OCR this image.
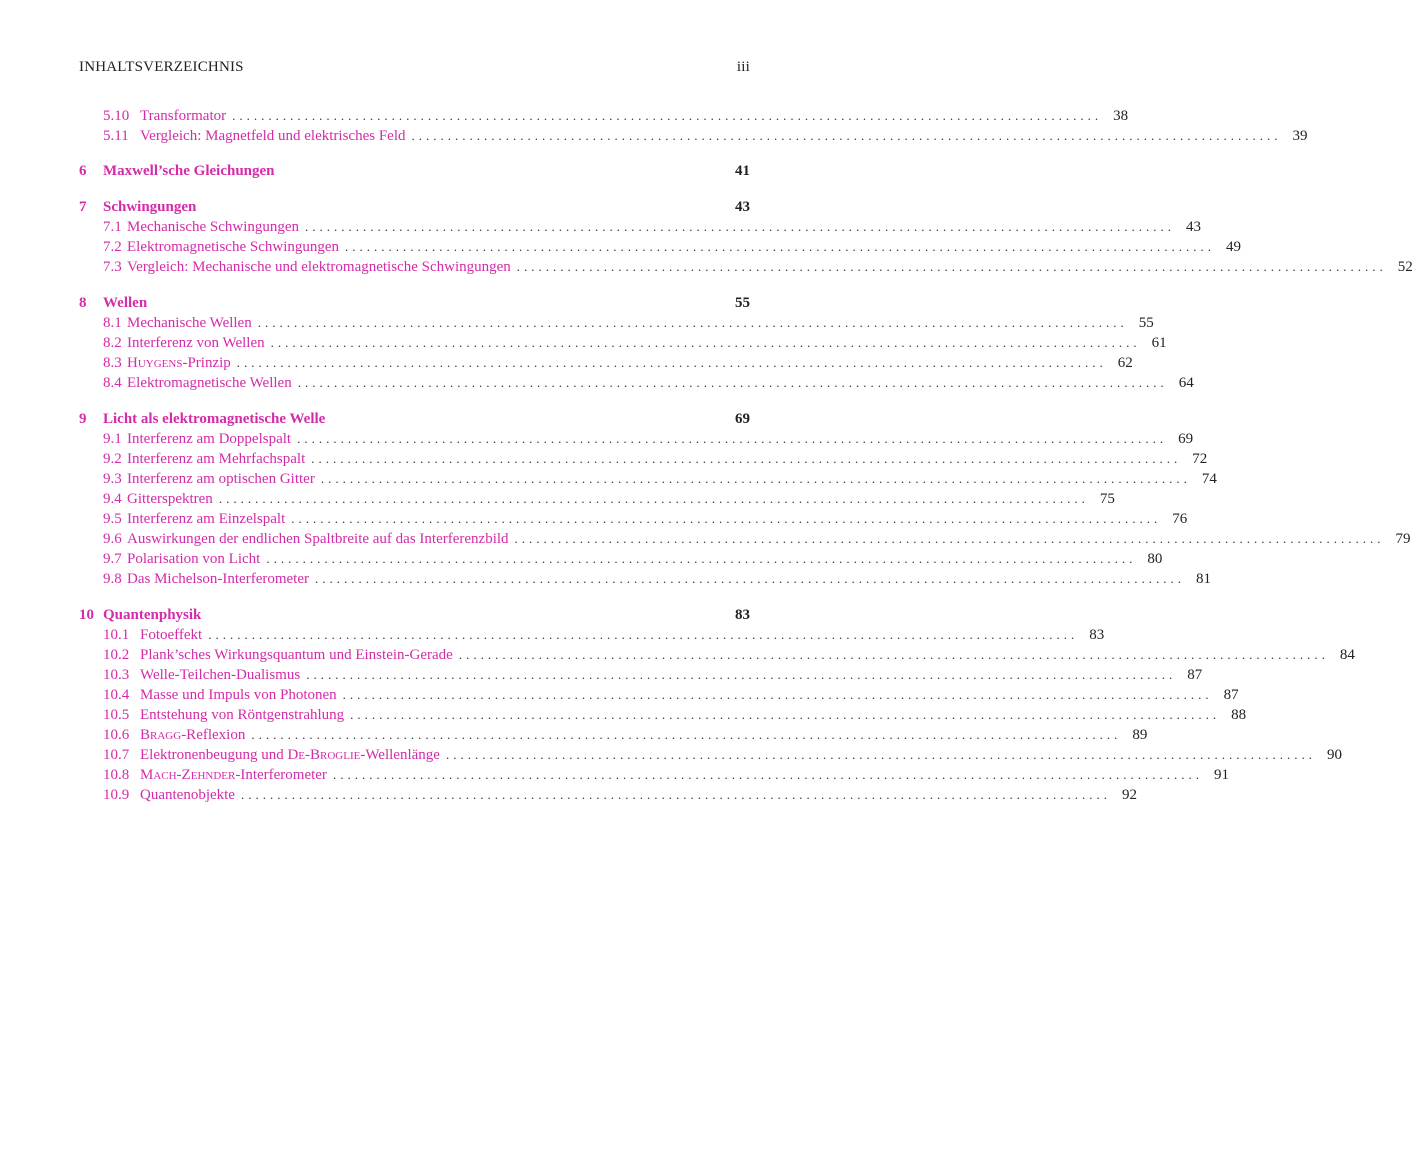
INHALTSVERZEICHNIS	iii
5.10 Transformator ........................................................................................................................ 38
5.11 Vergleich: Magnetfeld und elektrisches Feld ........................................................................................................................ 39
6	Maxwell’sche Gleichungen	41
7	Schwingungen	43
7.1 Mechanische Schwingungen ........................................................................................................................ 43
7.2 Elektromagnetische Schwingungen ........................................................................................................................ 49
7.3 Vergleich: Mechanische und elektromagnetische Schwingungen ........................................................................................................................ 52
8	Wellen	55
8.1 Mechanische Wellen ........................................................................................................................ 55
8.2 Interferenz von Wellen ........................................................................................................................ 61
8.3 Huygens-Prinzip ........................................................................................................................ 62
8.4 Elektromagnetische Wellen ........................................................................................................................ 64
9	Licht als elektromagnetische Welle	69
9.1 Interferenz am Doppelspalt ........................................................................................................................ 69
9.2 Interferenz am Mehrfachspalt ........................................................................................................................ 72
9.3 Interferenz am optischen Gitter ........................................................................................................................ 74
9.4 Gitterspektren ........................................................................................................................ 75
9.5 Interferenz am Einzelspalt ........................................................................................................................ 76
9.6 Auswirkungen der endlichen Spaltbreite auf das Interferenzbild ........................................................................................................................ 79
9.7 Polarisation von Licht ........................................................................................................................ 80
9.8 Das Michelson-Interferometer ........................................................................................................................ 81
10 Quantenphysik	83
10.1 Fotoeffekt ........................................................................................................................ 83
10.2 Plank’sches Wirkungsquantum und Einstein-Gerade ........................................................................................................................ 84
10.3 Welle-Teilchen-Dualismus ........................................................................................................................ 87
10.4 Masse und Impuls von Photonen ........................................................................................................................ 87
10.5 Entstehung von Röntgenstrahlung ........................................................................................................................ 88
10.6 Bragg-Reflexion ........................................................................................................................ 89
10.7 Elektronenbeugung und De-Broglie-Wellenlänge ........................................................................................................................ 90
10.8 Mach-Zehnder-Interferometer ........................................................................................................................ 91
10.9 Quantenobjekte ........................................................................................................................ 92
